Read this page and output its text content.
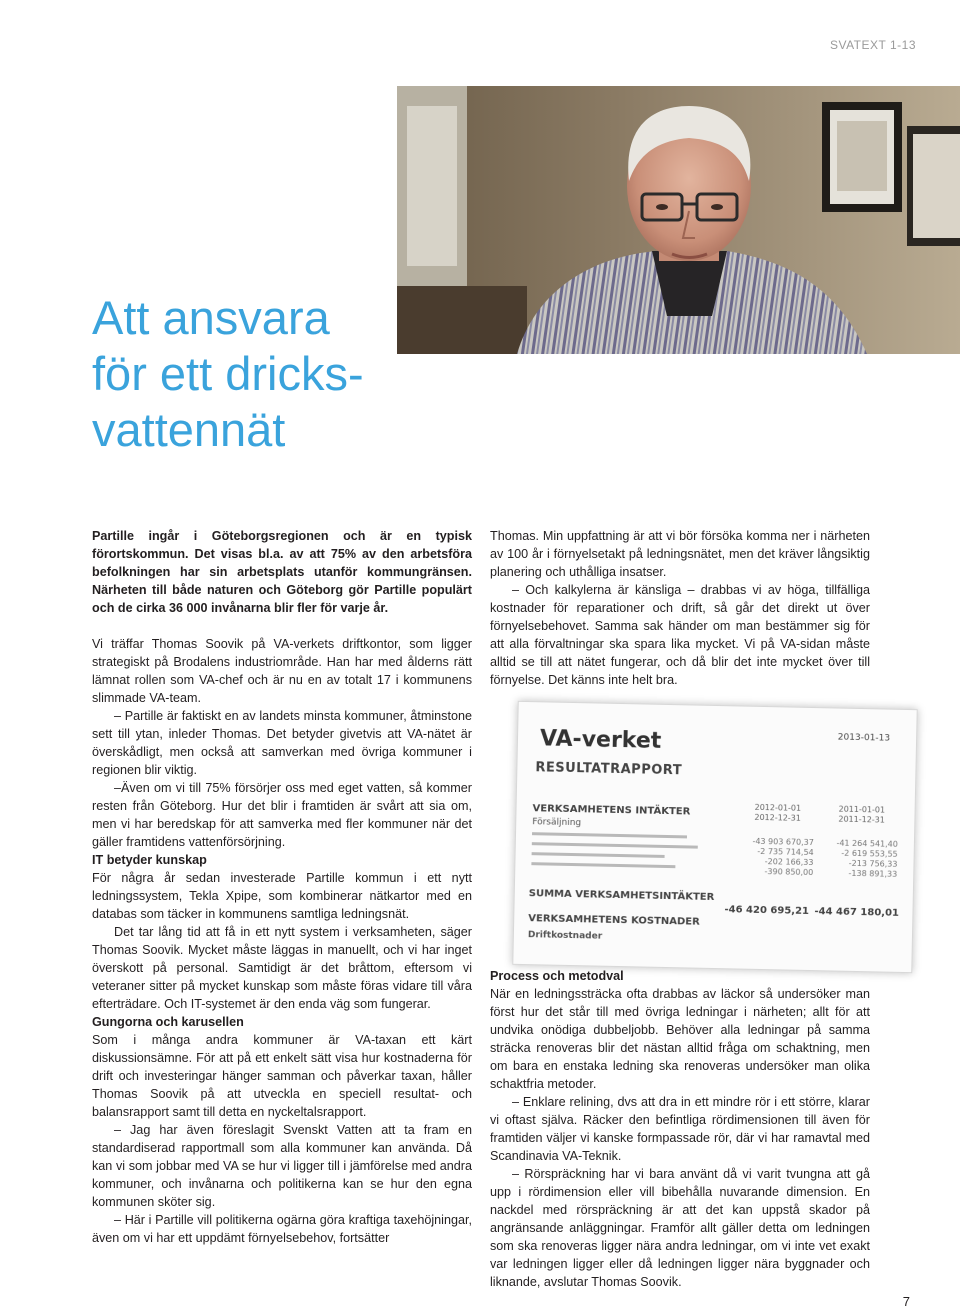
SVATEXT 1-13
Att ansvara
för ett dricks-
vattennät

Partille ingår i Göteborgsregionen och är en typisk förortskommun. Det visas bl.a. av att 75% av den arbetsföra befolkningen har sin arbetsplats utanför kommungränsen. Närheten till både naturen och Göteborg gör Partille populärt och de cirka 36 000 invånarna blir fler för varje år.

Vi träffar Thomas Soovik på VA-verkets driftkontor, som ligger strategiskt på Brodalens industriområde. Han har med ålderns rätt lämnat rollen som VA-chef och är nu en av totalt 17 i kommunens slimmade VA-team.

– Partille är faktiskt en av landets minsta kommuner, åtminstone sett till ytan, inleder Thomas. Det betyder givetvis att VA-nätet är överskådligt, men också att samverkan med övriga kommuner i regionen blir viktig.

–Även om vi till 75% försörjer oss med eget vatten, så kommer resten från Göteborg. Hur det blir i framtiden är svårt att sia om, men vi har beredskap för att samverka med fler kommuner när det gäller framtidens vattenförsörjning.

IT betyder kunskap

För några år sedan investerade Partille kommun i ett nytt ledningssystem, Tekla Xpipe, som kombinerar nätkartor med en databas som täcker in kommunens samtliga ledningsnät.

Det tar lång tid att få in ett nytt system i verksamheten, säger Thomas Soovik. Mycket måste läggas in manuellt, och vi har inget överskott på personal. Samtidigt är det bråttom, eftersom vi veteraner sitter på mycket kunskap som måste föras vidare till våra efterträdare. Och IT-systemet är den enda väg som fungerar.

Gungorna och karusellen

Som i många andra kommuner är VA-taxan ett kärt diskussionsämne. För att på ett enkelt sätt visa hur kostnaderna för drift och investeringar hänger samman och påverkar taxan, håller Thomas Soovik på att utveckla en speciell resultat- och balansrapport samt till detta en nyckeltalsrapport.

– Jag har även föreslagit Svenskt Vatten att ta fram en standardiserad rapportmall som alla kommuner kan använda. Då kan vi som jobbar med VA se hur vi ligger till i jämförelse med andra kommuner, och invånarna och politikerna kan se hur den egna kommunen sköter sig.

– Här i Partille vill politikerna ogärna göra kraftiga taxehöjningar, även om vi har ett uppdämt förnyelsebehov, fortsätter

Thomas. Min uppfattning är att vi bör försöka komma ner i närheten av 100 år i förnyelsetakt på ledningsnätet, men det kräver långsiktig planering och uthålliga insatser.

– Och kalkylerna är känsliga – drabbas vi av höga, tillfälliga kostnader för reparationer och drift, så går det direkt ut över förnyelsebehovet. Samma sak händer om man bestämmer sig för att alla förvaltningar ska spara lika mycket. Vi på VA-sidan måste alltid se till att nätet fungerar, och då blir det inte mycket över till förnyelse. Det känns inte helt bra.

2013-01-13
VA-verket
RESULTATRAPPORT
2012-01-01
2012-12-31
2011-01-01
2011-12-31
VERKSAMHETENS INTÄKTER
Försäljning
-43 903 670,37
-2 735 714,54
-202 166,33
-390 850,00
-41 264 541,40
-2 619 553,55
-213 756,33
-138 891,33
SUMMA VERKSAMHETSINTÄKTER
-46 420 695,21 -44 467 180,01
VERKSAMHETENS KOSTNADER
Driftkostnader
Process och metodval

När en ledningssträcka ofta drabbas av läckor så undersöker man först hur det står till med övriga ledningar i närheten; allt för att undvika onödiga dubbeljobb. Behöver alla ledningar på samma sträcka renoveras blir det nästan alltid fråga om schaktning, men om bara en enstaka ledning ska renoveras undersöker man olika schaktfria metoder.

– Enklare relining, dvs att dra in ett mindre rör i ett större, klarar vi oftast själva. Räcker den befintliga rördimensionen till även för framtiden väljer vi kanske formpassade rör, där vi har ramavtal med Scandinavia VA-Teknik.

– Rörspräckning har vi bara använt då vi varit tvungna att gå upp i rördimension eller vill bibehålla nuvarande dimension. En nackdel med rörspräckning är att det kan uppstå skador på angränsande anläggningar. Framför allt gäller detta om ledningen som ska renoveras ligger nära andra ledningar, om vi inte vet exakt var ledningen ligger eller då ledningen ligger nära byggnader och liknande, avslutar Thomas Soovik.

7
